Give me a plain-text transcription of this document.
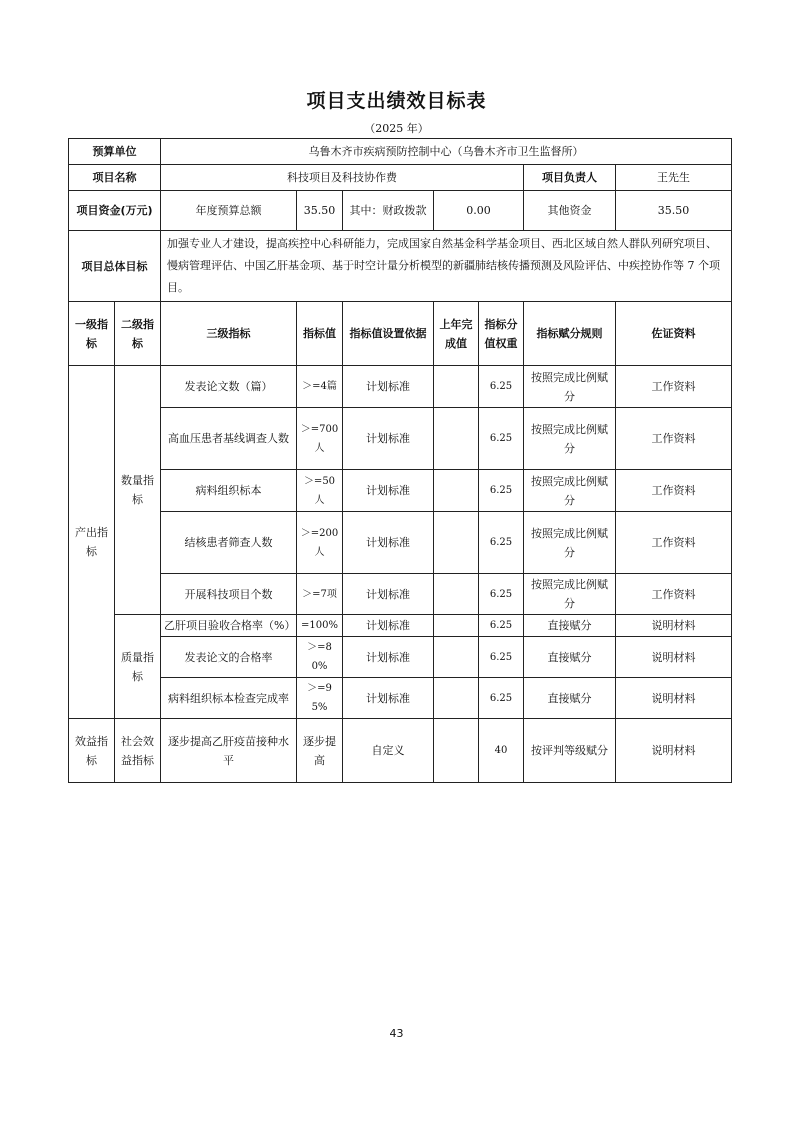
项目支出绩效目标表
（2025 年）
预算单位		乌鲁木齐市疾病预防控制中心（乌鲁木齐市卫生监督所）						
项目名称		科技项目及科技协作费					项目负责人	王先生
项目资金(万元)		年度预算总额	35.50	其中：财政拨款	0.00		其他资金	35.50
项目总体目标		加强专业人才建设，提高疾控中心科研能力，完成国家自然基金科学基金项目、西北区域自然人群队列研究项目、慢病管理评估、中国乙肝基金项、基于时空计量分析模型的新疆肺结核传播预测及风险评估、中疾控协作等 7 个项目。						
一级指标	二级指标	三级指标	指标值	指标值设置依据	上年完成值	指标分值权重	指标赋分规则	佐证资料
产出指标	数量指标	发表论文数（篇）	＞=4篇	计划标准		6.25	按照完成比例赋分	工作资料
		高血压患者基线调查人数	＞=700人	计划标准		6.25	按照完成比例赋分	工作资料
		病料组织标本	＞=50人	计划标准		6.25	按照完成比例赋分	工作资料
		结核患者筛查人数	＞=200人	计划标准		6.25	按照完成比例赋分	工作资料
		开展科技项目个数	＞=7项	计划标准		6.25	按照完成比例赋分	工作资料
	质量指标	乙肝项目验收合格率（%）	=100%	计划标准		6.25	直接赋分	说明材料
		发表论文的合格率	＞=80%	计划标准		6.25	直接赋分	说明材料
		病料组织标本检查完成率	＞=95%	计划标准		6.25	直接赋分	说明材料
效益指标	社会效益指标	逐步提高乙肝疫苗接种水平	逐步提高	自定义		40	按评判等级赋分	说明材料
43
